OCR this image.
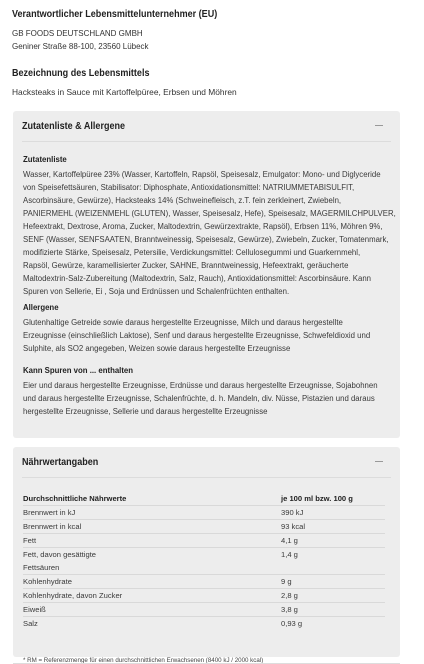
Verantwortlicher Lebensmittelunternehmer (EU)
GB FOODS DEUTSCHLAND GMBH
Geniner Straße 88-100, 23560 Lübeck
Bezeichnung des Lebensmittels
Hacksteaks in Sauce mit Kartoffelpüree, Erbsen und Möhren
Zutatenliste & Allergene
Zutatenliste
Wasser, Kartoffelpüree 23% (Wasser, Kartoffeln, Rapsöl, Speisesalz, Emulgator: Mono- und Diglyceride
von Speisefettsäuren, Stabilisator: Diphosphate, Antioxidationsmittel: NATRIUMMETABISULFIT,
Ascorbinsäure, Gewürze), Hacksteaks 14% (Schweinefleisch, z.T. fein zerkleinert, Zwiebeln,
PANIERMEHL (WEIZENMEHL (GLUTEN), Wasser, Speisesalz, Hefe), Speisesalz, MAGERMILCHPULVER,
Hefeextrakt, Dextrose, Aroma, Zucker, Maltodextrin, Gewürzextrakte, Rapsöl), Erbsen 11%, Möhren 9%,
SENF (Wasser, SENFSAATEN, Branntweinessig, Speisesalz, Gewürze), Zwiebeln, Zucker, Tomatenmark,
modifizierte Stärke, Speisesalz, Petersilie, Verdickungsmittel: Cellulosegummi und Guarkernmehl,
Rapsöl, Gewürze, karamellisierter Zucker, SAHNE, Branntweinessig, Hefeextrakt, geräucherte
Maltodextrin-Salz-Zubereitung (Maltodextrin, Salz, Rauch), Antioxidationsmittel: Ascorbinsäure. Kann
Spuren von Sellerie, Ei , Soja und Erdnüssen und Schalenfrüchten enthalten.
Allergene
Glutenhaltige Getreide sowie daraus hergestellte Erzeugnisse, Milch und daraus hergestellte
Erzeugnisse (einschließlich Laktose), Senf und daraus hergestellte Erzeugnisse, Schwefeldioxid und
Sulphite, als SO2 angegeben, Weizen sowie daraus hergestellte Erzeugnisse
Kann Spuren von ... enthalten
Eier und daraus hergestellte Erzeugnisse, Erdnüsse und daraus hergestellte Erzeugnisse, Sojabohnen
und daraus hergestellte Erzeugnisse, Schalenfrüchte, d. h. Mandeln, div. Nüsse, Pistazien und daraus
hergestellte Erzeugnisse, Sellerie und daraus hergestellte Erzeugnisse
Nährwertangaben
Durchschnittliche Nährwerte	je 100 ml bzw. 100 g
Brennwert in kJ	390 kJ
Brennwert in kcal	93 kcal
Fett	4,1 g
Fett, davon gesättigte	1,4 g
Fettsäuren	
Kohlenhydrate	9 g
Kohlenhydrate, davon Zucker	2,8 g
Eiweiß	3,8 g
Salz	0,93 g
* RM = Referenzmenge für einen durchschnittlichen Erwachsenen (8400 kJ / 2000 kcal)
